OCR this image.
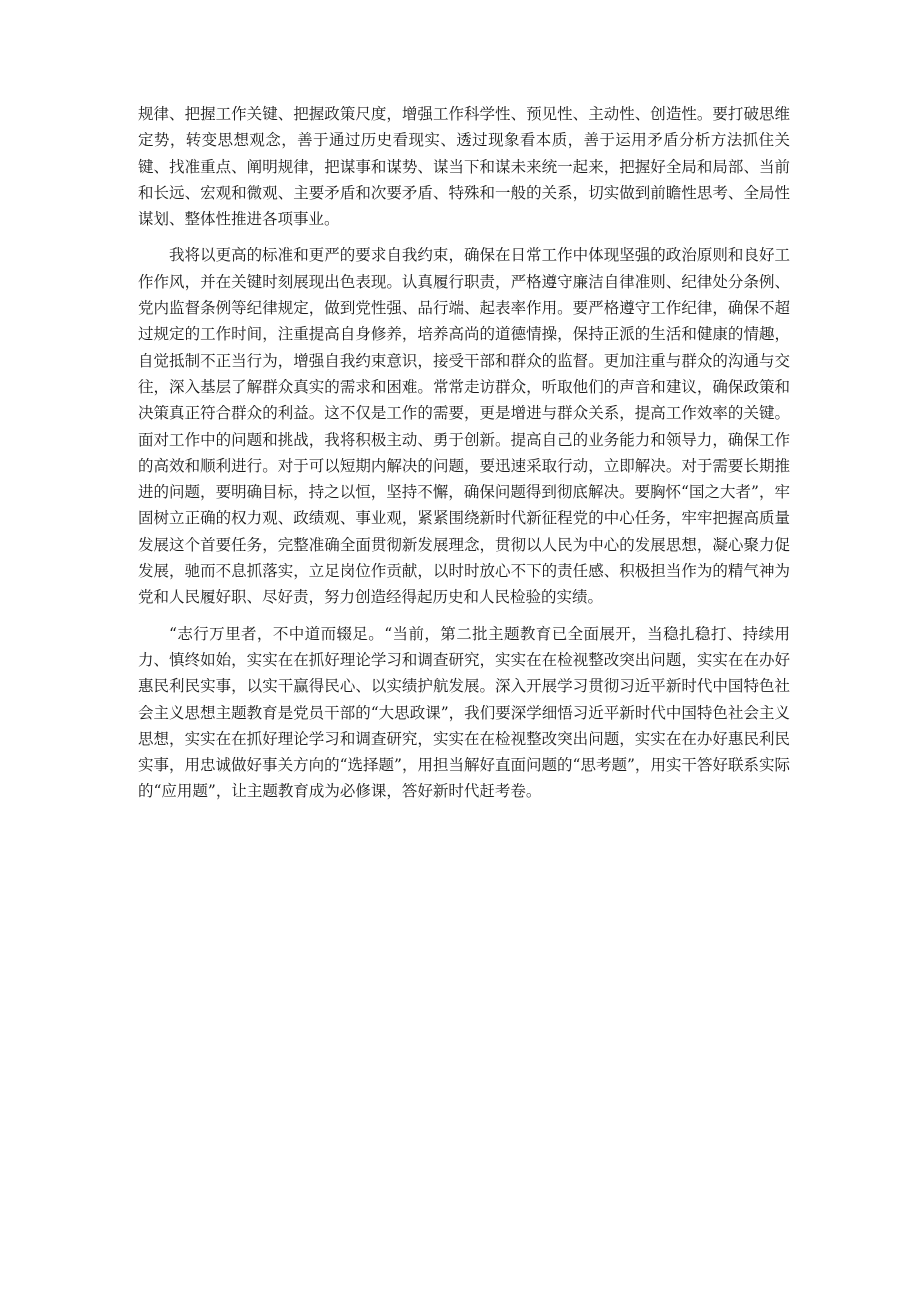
规律、把握工作关键、把握政策尺度，增强工作科学性、预见性、主动性、创造性。要打破思维定势，转变思想观念，善于通过历史看现实、透过现象看本质，善于运用矛盾分析方法抓住关键、找准重点、阐明规律，把谋事和谋势、谋当下和谋未来统一起来，把握好全局和局部、当前和长远、宏观和微观、主要矛盾和次要矛盾、特殊和一般的关系，切实做到前瞻性思考、全局性谋划、整体性推进各项事业。

我将以更高的标准和更严的要求自我约束，确保在日常工作中体现坚强的政治原则和良好工作作风，并在关键时刻展现出色表现。认真履行职责，严格遵守廉洁自律准则、纪律处分条例、党内监督条例等纪律规定，做到党性强、品行端、起表率作用。要严格遵守工作纪律，确保不超过规定的工作时间，注重提高自身修养，培养高尚的道德情操，保持正派的生活和健康的情趣，自觉抵制不正当行为，增强自我约束意识，接受干部和群众的监督。更加注重与群众的沟通与交往，深入基层了解群众真实的需求和困难。常常走访群众，听取他们的声音和建议，确保政策和决策真正符合群众的利益。这不仅是工作的需要，更是增进与群众关系，提高工作效率的关键。面对工作中的问题和挑战，我将积极主动、勇于创新。提高自己的业务能力和领导力，确保工作的高效和顺利进行。对于可以短期内解决的问题，要迅速采取行动，立即解决。对于需要长期推进的问题，要明确目标，持之以恒，坚持不懈，确保问题得到彻底解决。要胸怀“国之大者”，牢固树立正确的权力观、政绩观、事业观，紧紧围绕新时代新征程党的中心任务，牢牢把握高质量发展这个首要任务，完整准确全面贯彻新发展理念，贯彻以人民为中心的发展思想，凝心聚力促发展，驰而不息抓落实，立足岗位作贡献，以时时放心不下的责任感、积极担当作为的精气神为党和人民履好职、尽好责，努力创造经得起历史和人民检验的实绩。

“志行万里者，不中道而辍足。“当前，第二批主题教育已全面展开，当稳扎稳打、持续用力、慎终如始，实实在在抓好理论学习和调查研究，实实在在检视整改突出问题，实实在在办好惠民利民实事，以实干赢得民心、以实绩护航发展。深入开展学习贯彻习近平新时代中国特色社会主义思想主题教育是党员干部的“大思政课”，我们要深学细悟习近平新时代中国特色社会主义思想，实实在在抓好理论学习和调查研究，实实在在检视整改突出问题，实实在在办好惠民利民实事，用忠诚做好事关方向的“选择题”，用担当解好直面问题的“思考题”，用实干答好联系实际的“应用题”，让主题教育成为必修课，答好新时代赶考卷。
